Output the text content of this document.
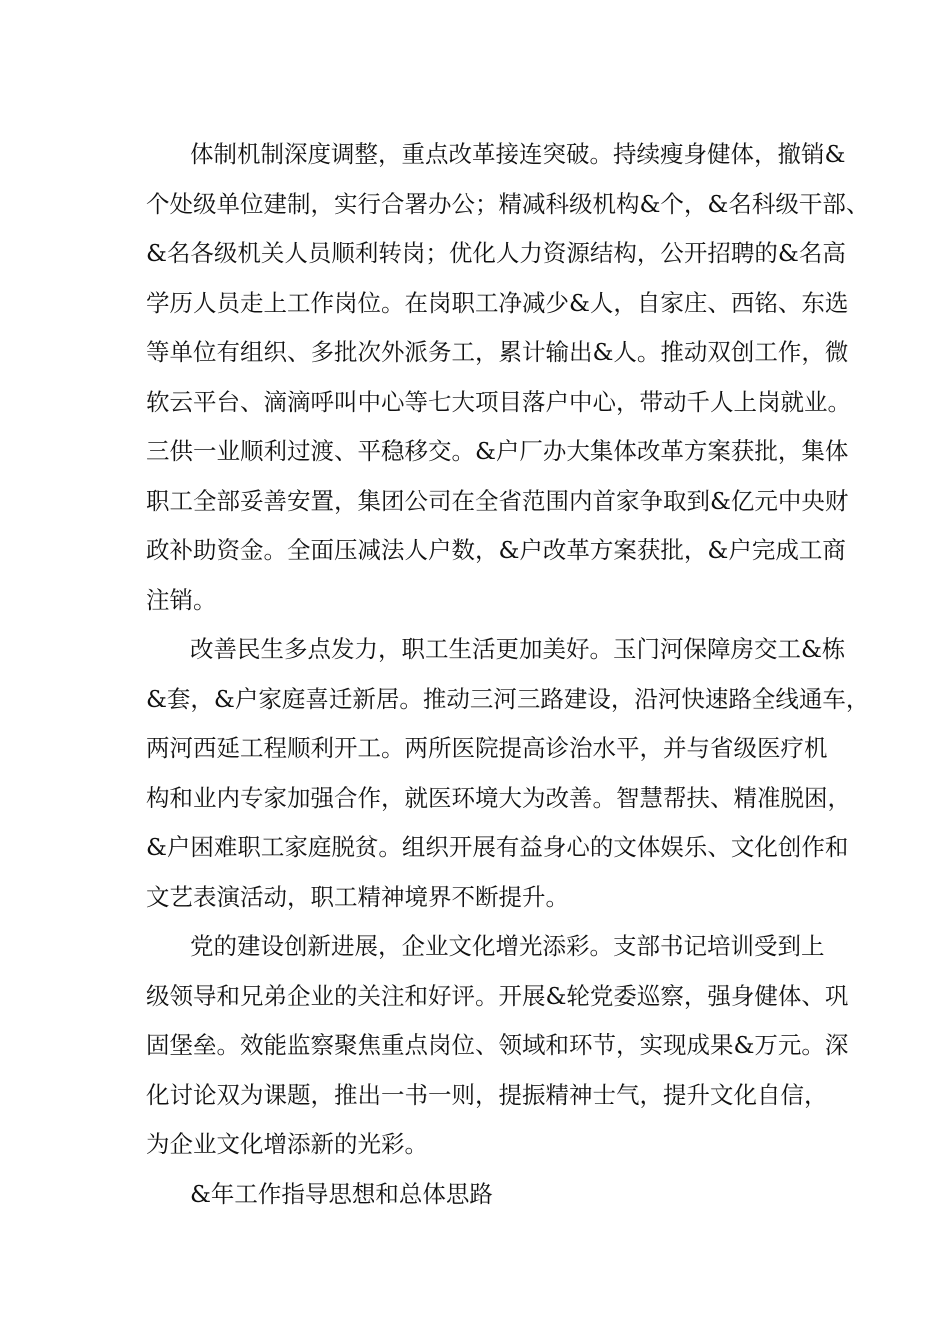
体制机制深度调整，重点改革接连突破。持续瘦身健体，撤销&
个处级单位建制，实行合署办公；精减科级机构&个，&名科级干部、
&名各级机关人员顺利转岗；优化人力资源结构，公开招聘的&名高
学历人员走上工作岗位。在岗职工净减少&人，自家庄、西铭、东选
等单位有组织、多批次外派务工，累计输出&人。推动双创工作，微
软云平台、滴滴呼叫中心等七大项目落户中心，带动千人上岗就业。
三供一业顺利过渡、平稳移交。&户厂办大集体改革方案获批，集体
职工全部妥善安置，集团公司在全省范围内首家争取到&亿元中央财
政补助资金。全面压减法人户数，&户改革方案获批，&户完成工商
注销。
改善民生多点发力，职工生活更加美好。玉门河保障房交工&栋
&套，&户家庭喜迁新居。推动三河三路建设，沿河快速路全线通车，
两河西延工程顺利开工。两所医院提高诊治水平，并与省级医疗机
构和业内专家加强合作，就医环境大为改善。智慧帮扶、精准脱困，
&户困难职工家庭脱贫。组织开展有益身心的文体娱乐、文化创作和
文艺表演活动，职工精神境界不断提升。
党的建设创新进展，企业文化增光添彩。支部书记培训受到上
级领导和兄弟企业的关注和好评。开展&轮党委巡察，强身健体、巩
固堡垒。效能监察聚焦重点岗位、领域和环节，实现成果&万元。深
化讨论双为课题，推出一书一则，提振精神士气，提升文化自信，
为企业文化增添新的光彩。
&年工作指导思想和总体思路
